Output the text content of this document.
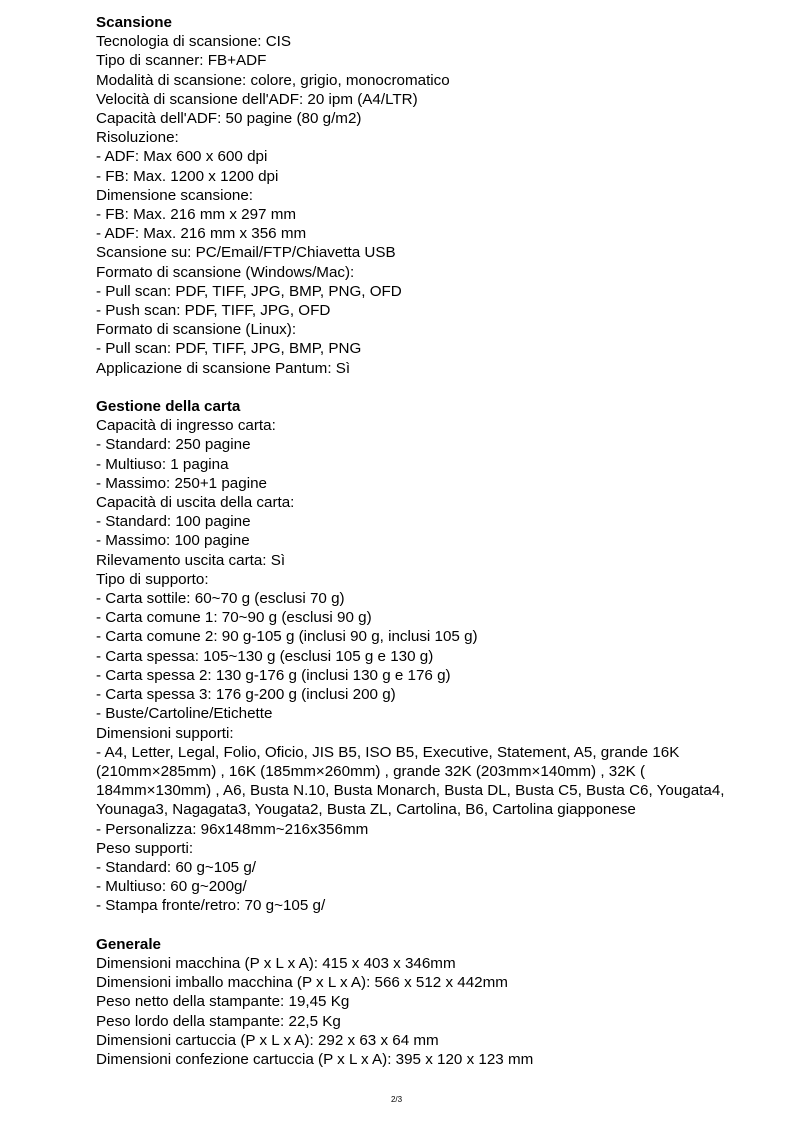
Scansione

Tecnologia di scansione: CIS

Tipo di scanner: FB+ADF

Modalità di scansione: colore, grigio, monocromatico

Velocità di scansione dell'ADF: 20 ipm (A4/LTR)

Capacità dell'ADF: 50 pagine (80 g/m2)

Risoluzione:

- ADF: Max 600 x 600 dpi

- FB: Max. 1200 x 1200 dpi

Dimensione scansione:

- FB: Max. 216 mm x 297 mm

- ADF: Max. 216 mm x 356 mm

Scansione su: PC/Email/FTP/Chiavetta USB

Formato di scansione (Windows/Mac):

- Pull scan: PDF, TIFF, JPG, BMP, PNG, OFD

- Push scan: PDF, TIFF, JPG, OFD

Formato di scansione (Linux):

- Pull scan: PDF, TIFF, JPG, BMP, PNG

Applicazione di scansione Pantum: Sì

Gestione della carta

Capacità di ingresso carta:

- Standard: 250 pagine

- Multiuso: 1 pagina

- Massimo: 250+1 pagine

Capacità di uscita della carta:

- Standard: 100 pagine

- Massimo: 100 pagine

Rilevamento uscita carta: Sì

Tipo di supporto:

- Carta sottile: 60~70 g (esclusi 70 g)

- Carta comune 1: 70~90 g (esclusi 90 g)

- Carta comune 2: 90 g-105 g (inclusi 90 g, inclusi 105 g)

- Carta spessa: 105~130 g (esclusi 105 g e 130 g)

- Carta spessa 2: 130 g-176 g (inclusi 130 g e 176 g)

- Carta spessa 3: 176 g-200 g (inclusi 200 g)

- Buste/Cartoline/Etichette

Dimensioni supporti:

- A4, Letter, Legal, Folio, Oficio, JIS B5, ISO B5, Executive, Statement, A5, grande 16K (210mm×285mm) , 16K (185mm×260mm) , grande 32K (203mm×140mm) , 32K ( 184mm×130mm) , A6, Busta N.10, Busta Monarch, Busta DL, Busta C5, Busta C6, Yougata4, Younaga3, Nagagata3, Yougata2, Busta ZL, Cartolina, B6, Cartolina giapponese

- Personalizza: 96x148mm~216x356mm

Peso supporti:

- Standard: 60 g~105 g/

- Multiuso: 60 g~200g/

- Stampa fronte/retro: 70 g~105 g/

Generale

Dimensioni macchina (P x L x A): 415 x 403 x 346mm

Dimensioni imballo macchina (P x L x A): 566 x 512 x 442mm

Peso netto della stampante: 19,45 Kg

Peso lordo della stampante: 22,5 Kg

Dimensioni cartuccia (P x L x A): 292 x 63 x 64 mm

Dimensioni confezione cartuccia (P x L x A): 395 x 120 x 123 mm

2/3
